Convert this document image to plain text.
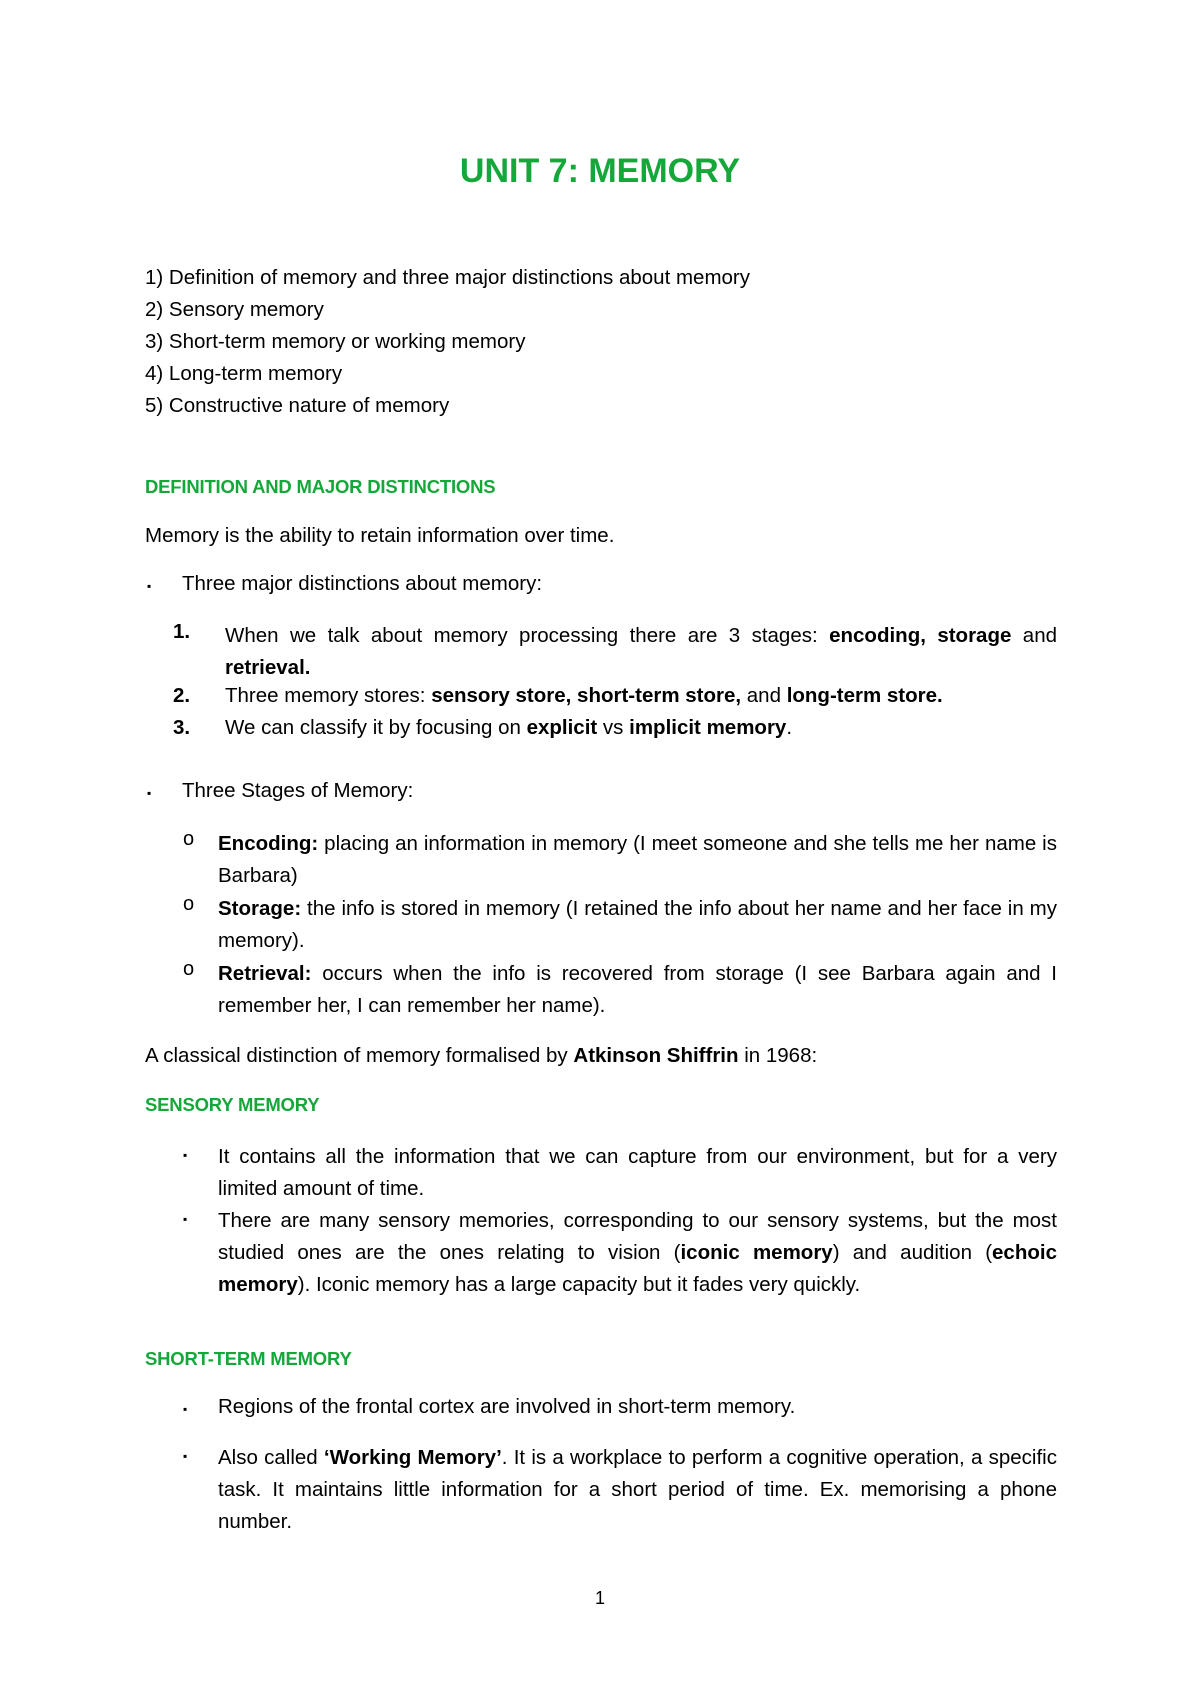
UNIT 7: MEMORY
1) Definition of memory and three major distinctions about memory
2) Sensory memory
3) Short-term memory or working memory
4) Long-term memory
5) Constructive nature of memory
DEFINITION AND MAJOR DISTINCTIONS
Memory is the ability to retain information over time.
▪ Three major distinctions about memory:
1. When we talk about memory processing there are 3 stages: encoding, storage and retrieval.
2. Three memory stores: sensory store, short-term store, and long-term store.
3. We can classify it by focusing on explicit vs implicit memory.
▪ Three Stages of Memory:
o Encoding: placing an information in memory (I meet someone and she tells me her name is Barbara)
o Storage: the info is stored in memory (I retained the info about her name and her face in my memory).
o Retrieval: occurs when the info is recovered from storage (I see Barbara again and I remember her, I can remember her name).
A classical distinction of memory formalised by Atkinson Shiffrin in 1968:
SENSORY MEMORY
▪ It contains all the information that we can capture from our environment, but for a very limited amount of time.
▪ There are many sensory memories, corresponding to our sensory systems, but the most studied ones are the ones relating to vision (iconic memory) and audition (echoic memory). Iconic memory has a large capacity but it fades very quickly.
SHORT-TERM MEMORY
▪ Regions of the frontal cortex are involved in short-term memory.
▪ Also called ‘Working Memory’. It is a workplace to perform a cognitive operation, a specific task. It maintains little information for a short period of time. Ex. memorising a phone number.
1
